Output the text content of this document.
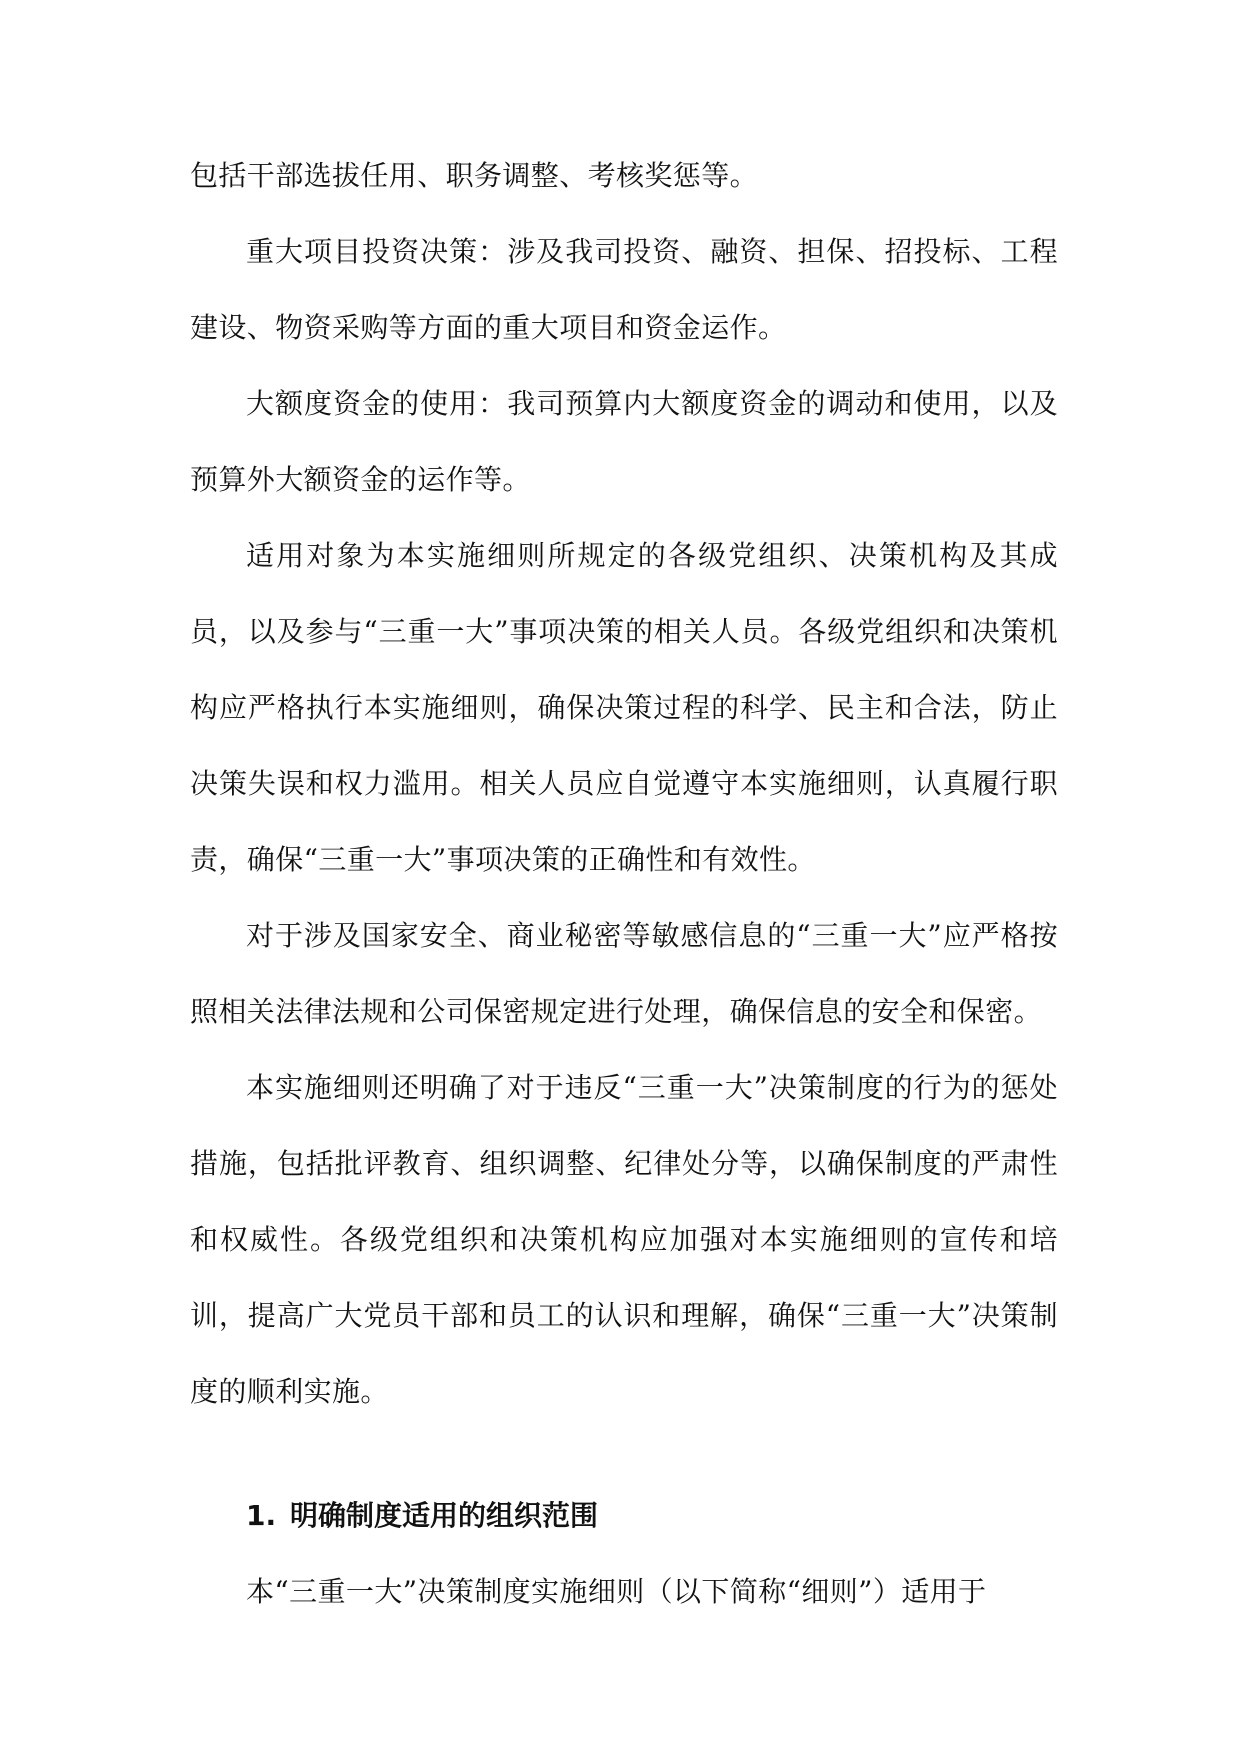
包括干部选拔任用、职务调整、考核奖惩等。

重大项目投资决策：涉及我司投资、融资、担保、招投标、工程建设、物资采购等方面的重大项目和资金运作。

大额度资金的使用：我司预算内大额度资金的调动和使用，以及预算外大额资金的运作等。

适用对象为本实施细则所规定的各级党组织、决策机构及其成员，以及参与“三重一大”事项决策的相关人员。各级党组织和决策机构应严格执行本实施细则，确保决策过程的科学、民主和合法，防止决策失误和权力滥用。相关人员应自觉遵守本实施细则，认真履行职责，确保“三重一大”事项决策的正确性和有效性。

对于涉及国家安全、商业秘密等敏感信息的“三重一大”应严格按照相关法律法规和公司保密规定进行处理，确保信息的安全和保密。

本实施细则还明确了对于违反“三重一大”决策制度的行为的惩处措施，包括批评教育、组织调整、纪律处分等，以确保制度的严肃性和权威性。各级党组织和决策机构应加强对本实施细则的宣传和培训，提高广大党员干部和员工的认识和理解，确保“三重一大”决策制度的顺利实施。

1. 明确制度适用的组织范围

本“三重一大”决策制度实施细则（以下简称“细则”）适用于
